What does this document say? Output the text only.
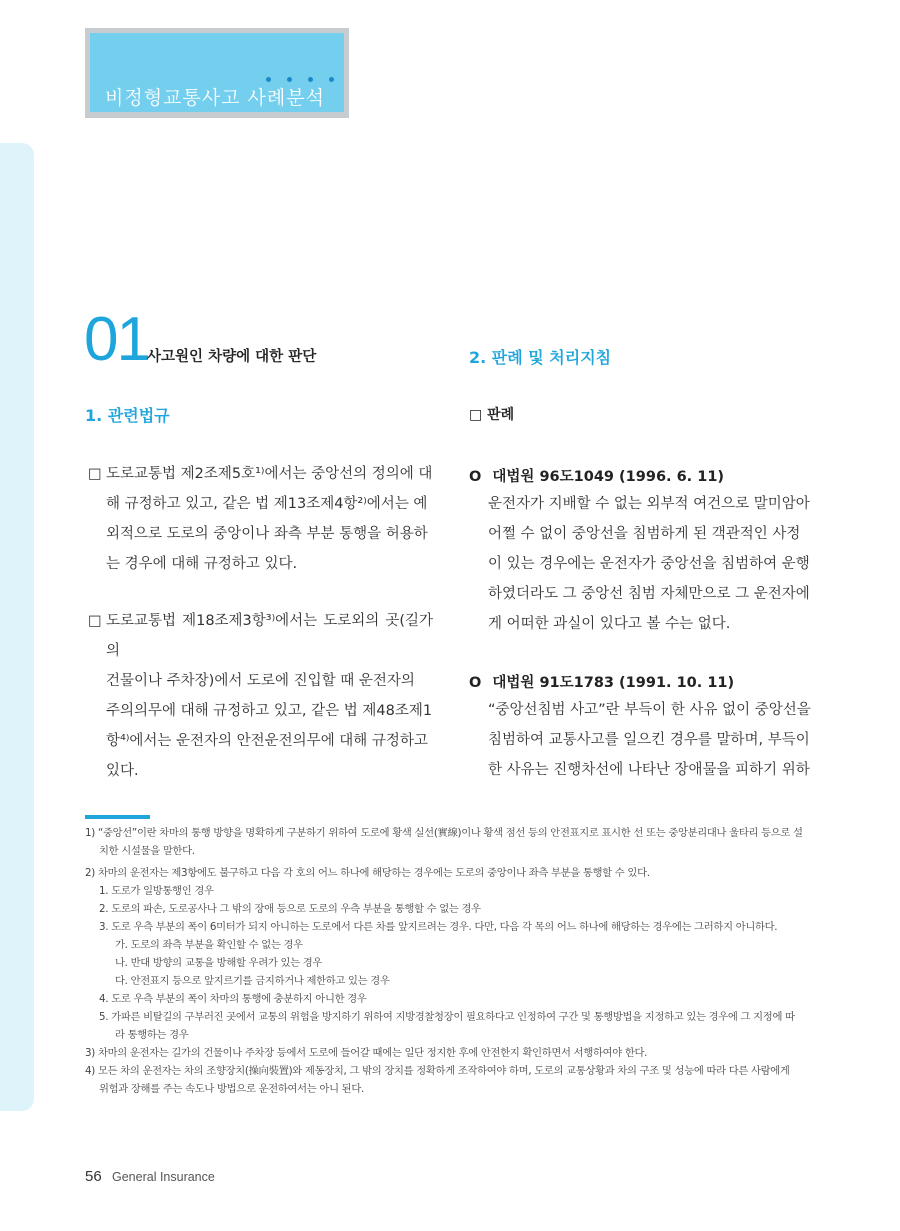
비정형교통사고 사례분석
01
사고원인 차량에 대한 판단
1. 관련법규
2. 판례 및 처리지침
□ 도로교통법 제2조제5호¹⁾에서는 중앙선의 정의에 대
해 규정하고 있고, 같은 법 제13조제4항²⁾에서는 예
외적으로 도로의 중앙이나 좌측 부분 통행을 허용하
는 경우에 대해 규정하고 있다.
□ 도로교통법 제18조제3항³⁾에서는 도로외의 곳(길가의
건물이나 주차장)에서 도로에 진입할 때 운전자의
주의의무에 대해 규정하고 있고, 같은 법 제48조제1
항⁴⁾에서는 운전자의 안전운전의무에 대해 규정하고
있다.
□ 판례
O 대법원 96도1049 (1996. 6. 11)
운전자가 지배할 수 없는 외부적 여건으로 말미암아
어쩔 수 없이 중앙선을 침범하게 된 객관적인 사정
이 있는 경우에는 운전자가 중앙선을 침범하여 운행
하였더라도 그 중앙선 침범 자체만으로 그 운전자에
게 어떠한 과실이 있다고 볼 수는 없다.
O 대법원 91도1783 (1991. 10. 11)
“중앙선침범 사고”란 부득이 한 사유 없이 중앙선을
침범하여 교통사고를 일으킨 경우를 말하며, 부득이
한 사유는 진행차선에 나타난 장애물을 피하기 위하
1) “중앙선”이란 차마의 통행 방향을 명확하게 구분하기 위하여 도로에 황색 실선(實線)이나 황색 점선 등의 안전표지로 표시한 선 또는 중앙분리대나 울타리 등으로 설
치한 시설물을 말한다.
2) 차마의 운전자는 제3항에도 불구하고 다음 각 호의 어느 하나에 해당하는 경우에는 도로의 중앙이나 좌측 부분을 통행할 수 있다.
1. 도로가 일방통행인 경우
2. 도로의 파손, 도로공사나 그 밖의 장애 등으로 도로의 우측 부분을 통행할 수 없는 경우
3. 도로 우측 부분의 폭이 6미터가 되지 아니하는 도로에서 다른 차를 앞지르려는 경우. 다만, 다음 각 목의 어느 하나에 해당하는 경우에는 그러하지 아니하다.
가. 도로의 좌측 부분을 확인할 수 없는 경우
나. 반대 방향의 교통을 방해할 우려가 있는 경우
다. 안전표지 등으로 앞지르기를 금지하거나 제한하고 있는 경우
4. 도로 우측 부분의 폭이 차마의 통행에 충분하지 아니한 경우
5. 가파른 비탈길의 구부러진 곳에서 교통의 위험을 방지하기 위하여 지방경찰청장이 필요하다고 인정하여 구간 및 통행방법을 지정하고 있는 경우에 그 지정에 따
라 통행하는 경우
3) 차마의 운전자는 길가의 건물이나 주차장 등에서 도로에 들어갈 때에는 일단 정지한 후에 안전한지 확인하면서 서행하여야 한다.
4) 모든 차의 운전자는 차의 조향장치(操向裝置)와 제동장치, 그 밖의 장치를 정확하게 조작하여야 하며, 도로의 교통상황과 차의 구조 및 성능에 따라 다른 사람에게
위험과 장해를 주는 속도나 방법으로 운전하여서는 아니 된다.
56 General Insurance
